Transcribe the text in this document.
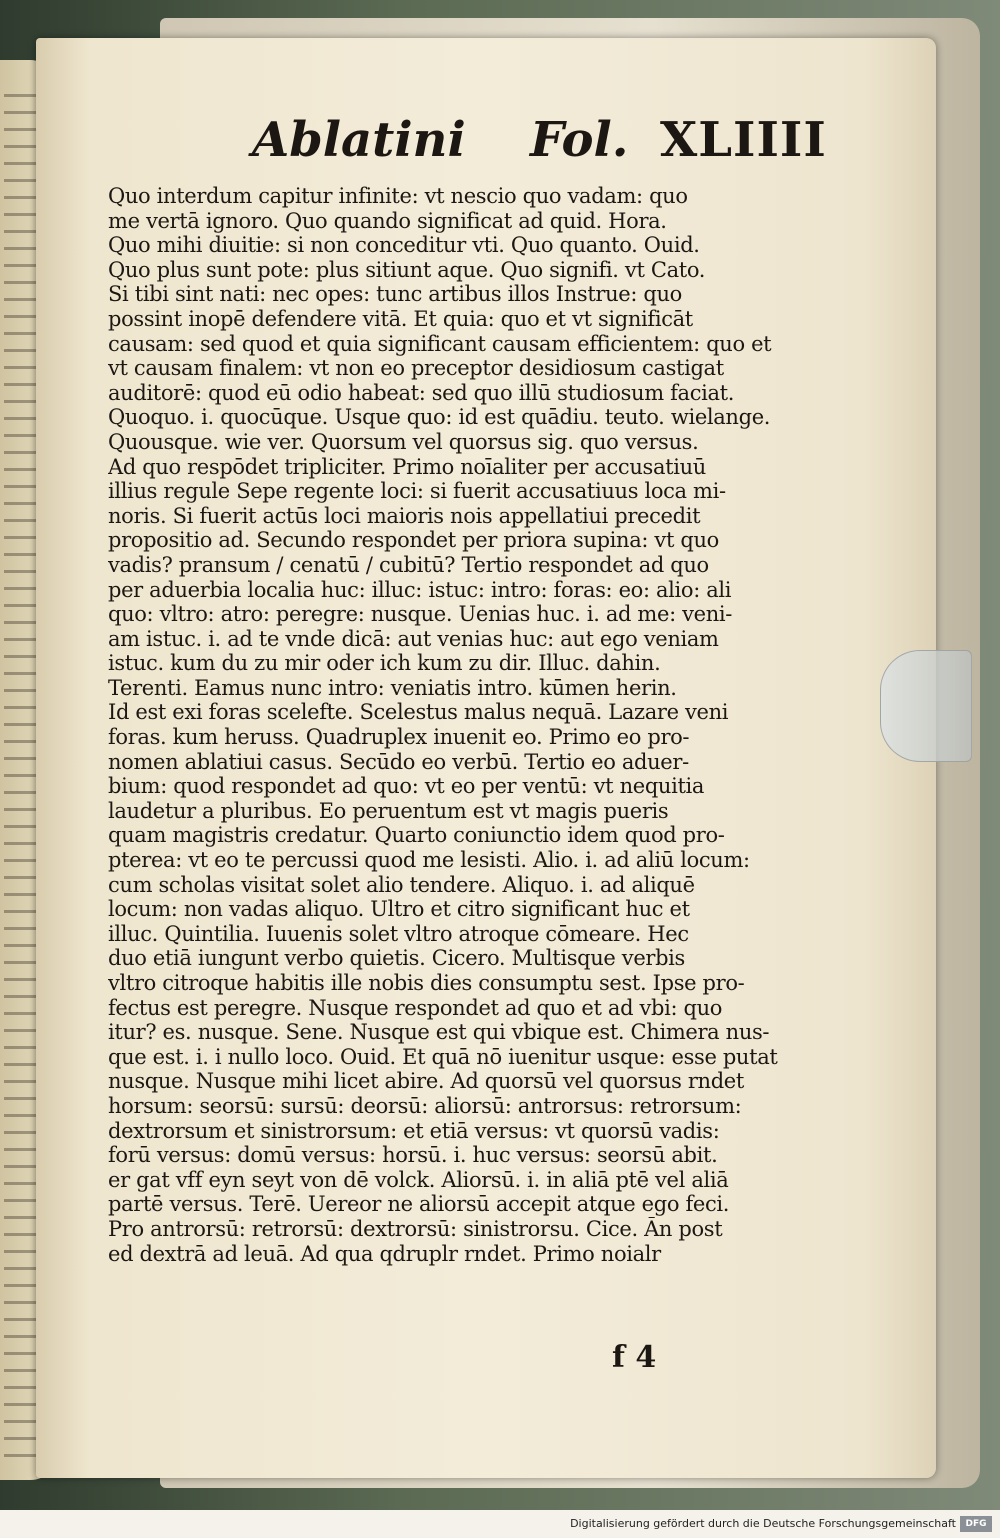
Ablatini Fol. XLIIII
Quo interdum capitur infinite: vt nescio quo vadam: quo
me vertā ignoro. Quo quando significat ad quid. Hora.
Quo mihi diuitie: si non conceditur vti. Quo quanto. Ouid.
Quo plus sunt pote: plus sitiunt aque. Quo signifi. vt Cato.
Si tibi sint nati: nec opes: tunc artibus illos Instrue: quo
possint inopē defendere vitā. Et quia: quo et vt significāt
causam: sed quod et quia significant causam efficientem: quo et
vt causam finalem: vt non eo preceptor desidiosum castigat
auditorē: quod eū odio habeat: sed quo illū studiosum faciat.
Quoquo. i. quocūque. Usque quo: id est quādiu. teuto. wielange.
Quousque. wie ver. Quorsum vel quorsus sig. quo versus.
Ad quo respōdet tripliciter. Primo noīaliter per accusatiuū
illius regule Sepe regente loci: si fuerit accusatiuus loca mi-
noris. Si fuerit actūs loci maioris nois appellatiui precedit
propositio ad. Secundo respondet per priora supina: vt quo
vadis? pransum / cenatū / cubitū? Tertio respondet ad quo
per aduerbia localia huc: illuc: istuc: intro: foras: eo: alio: ali
quo: vltro: atro: peregre: nusque. Uenias huc. i. ad me: veni-
am istuc. i. ad te vnde dicā: aut venias huc: aut ego veniam
istuc. kum du zu mir oder ich kum zu dir. Illuc. dahin.
Terenti. Eamus nunc intro: veniatis intro. kūmen herin.
Id est exi foras scelefte. Scelestus malus nequā. Lazare veni
foras. kum heruss. Quadruplex inuenit eo. Primo eo pro-
nomen ablatiui casus. Secūdo eo verbū. Tertio eo aduer-
bium: quod respondet ad quo: vt eo per ventū: vt nequitia
laudetur a pluribus. Eo peruentum est vt magis pueris
quam magistris credatur. Quarto coniunctio idem quod pro-
pterea: vt eo te percussi quod me lesisti. Alio. i. ad aliū locum:
cum scholas visitat solet alio tendere. Aliquo. i. ad aliquē
locum: non vadas aliquo. Ultro et citro significant huc et
illuc. Quintilia. Iuuenis solet vltro atroque cōmeare. Hec
duo etiā iungunt verbo quietis. Cicero. Multisque verbis
vltro citroque habitis ille nobis dies consumptu sest. Ipse pro-
fectus est peregre. Nusque respondet ad quo et ad vbi: quo
itur? es. nusque. Sene. Nusque est qui vbique est. Chimera nus-
que est. i. i nullo loco. Ouid. Et quā nō iuenitur usque: esse putat
nusque. Nusque mihi licet abire. Ad quorsū vel quorsus rndet
horsum: seorsū: sursū: deorsū: aliorsū: antrorsus: retrorsum:
dextrorsum et sinistrorsum: et etiā versus: vt quorsū vadis:
forū versus: domū versus: horsū. i. huc versus: seorsū abit.
er gat vff eyn seyt von dē volck. Aliorsū. i. in aliā ptē vel aliā
partē versus. Terē. Uereor ne aliorsū accepit atque ego feci.
Pro antrorsū: retrorsū: dextrorsū: sinistrorsu. Cice. Ān post
ed dextrā ad leuā. Ad qua qdruplr rndet. Primo noialr
f 4
Digitalisierung gefördert durch die Deutsche Forschungsgemeinschaft	DFG
